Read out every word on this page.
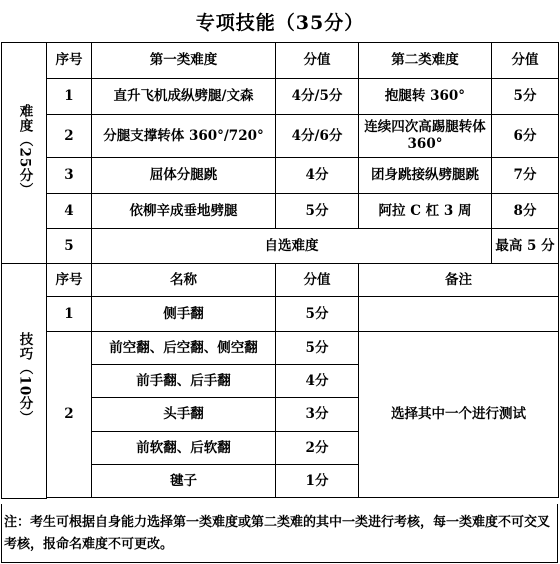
专项技能（35分）
难度（25分）	序号	第一类难度	分值	第二类难度	分值
	1	直升飞机成纵劈腿/文森	4分/5分	抱腿转 360°	5分
	2	分腿支撑转体 360°/720°	4分/6分	连续四次高踢腿转体 360°	6分
	3	屈体分腿跳	4分	团身跳接纵劈腿跳	7分
	4	依柳辛成垂地劈腿	5分	阿拉 C 杠 3 周	8分
	5	自选难度			最高 5 分
技巧（10分）	序号	名称	分值	备注	
	1	侧手翻	5分		
	2	前空翻、后空翻、侧空翻	5分	选择其中一个进行测试	
		前手翻、后手翻	4分		
		头手翻	3分		
		前软翻、后软翻	2分		
		毽子	1分		

注：考生可根据自身能力选择第一类难度或第二类难的其中一类进行考核，每一类难度不可交叉考核，报命名难度不可更改。
